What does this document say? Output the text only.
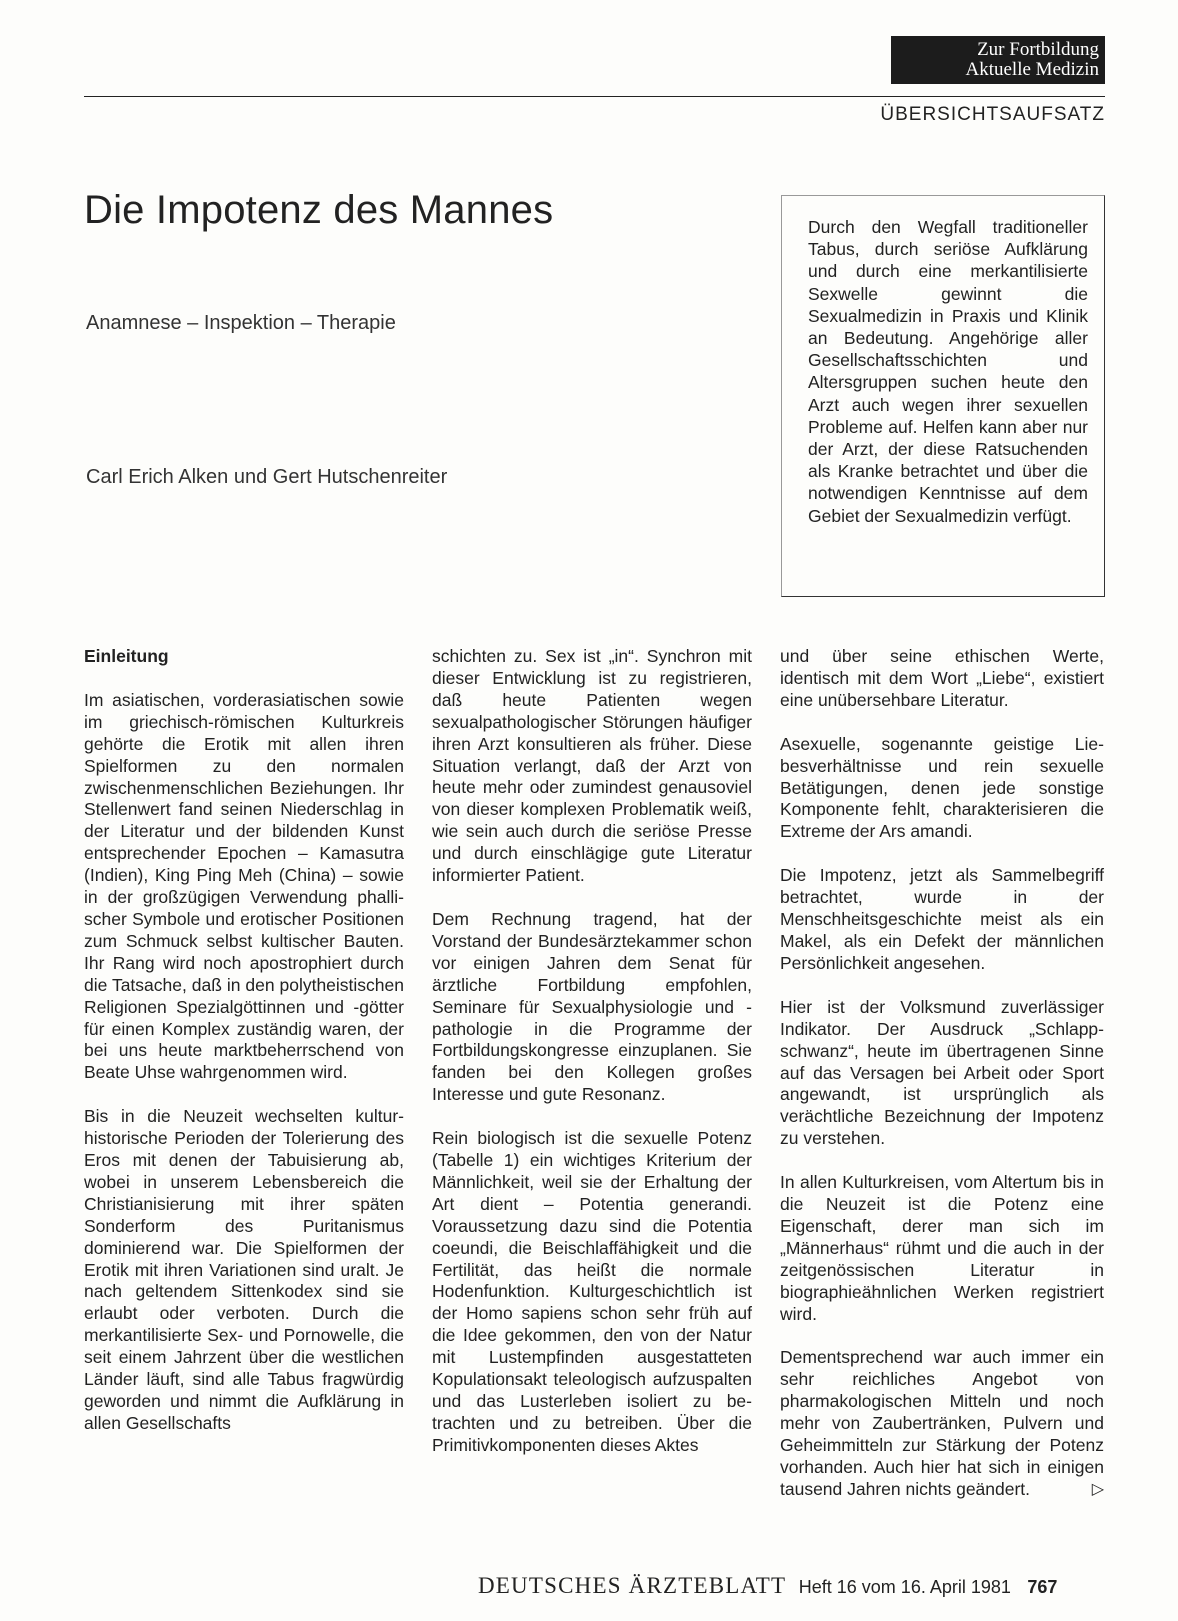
Zur Fortbildung
Aktuelle Medizin
ÜBERSICHTSAUFSATZ
Die Impotenz des Mannes
Anamnese – Inspektion – Therapie
Carl Erich Alken und Gert Hutschenreiter
Durch den Wegfall traditioneller Tabus, durch seriöse Aufklärung und durch eine merkantilisierte Sexwelle gewinnt die Sexualmedizin in Praxis und Klinik an Bedeutung. Angehörige aller Gesellschaftsschichten und Altersgruppen suchen heute den Arzt auch wegen ihrer sexuellen Probleme auf. Helfen kann aber nur der Arzt, der diese Ratsuchenden als Kranke betrachtet und über die notwendigen Kenntnisse auf dem Gebiet der Sexualmedizin verfügt.
Einleitung

Im asiatischen, vorderasiatischen sowie im griechisch-römischen Kulturkreis gehörte die Erotik mit allen ihren Spielformen zu den normalen zwischenmenschlichen Beziehungen. Ihr Stellenwert fand seinen Niederschlag in der Literatur und der bildenden Kunst entsprechender Epochen – Kamasutra (Indien), King Ping Meh (China) – sowie in der großzügigen Verwendung phallischer Symbole und erotischer Positionen zum Schmuck selbst kultischer Bauten. Ihr Rang wird noch apostrophiert durch die Tatsache, daß in den polytheistischen Religionen Spezialgöttinnen und -götter für einen Komplex zuständig waren, der bei uns heute marktbeherrschend von Beate Uhse wahrgenommen wird.

Bis in die Neuzeit wechselten kulturhistorische Perioden der Tolerierung des Eros mit denen der Tabuisierung ab, wobei in unserem Lebensbereich die Christianisierung mit ihrer späten Sonderform des Puritanismus dominierend war. Die Spielformen der Erotik mit ihren Variationen sind uralt. Je nach geltendem Sittenkodex sind sie erlaubt oder verboten. Durch die merkantilisierte Sex- und Pornowelle, die seit einem Jahrzent über die westlichen Länder läuft, sind alle Tabus fragwürdig geworden und nimmt die Aufklärung in allen Gesellschafts

schichten zu. Sex ist „in“. Synchron mit dieser Entwicklung ist zu registrieren, daß heute Patienten wegen sexualpathologischer Störungen häufiger ihren Arzt konsultieren als früher. Diese Situation verlangt, daß der Arzt von heute mehr oder zumindest genausoviel von dieser komplexen Problematik weiß, wie sein auch durch die seriöse Presse und durch einschlägige gute Literatur informierter Patient.

Dem Rechnung tragend, hat der Vorstand der Bundesärztekammer schon vor einigen Jahren dem Senat für ärztliche Fortbildung empfohlen, Seminare für Sexualphysiologie und -pathologie in die Programme der Fortbildungskongresse einzuplanen. Sie fanden bei den Kollegen großes Interesse und gute Resonanz.

Rein biologisch ist die sexuelle Potenz (Tabelle 1) ein wichtiges Kriterium der Männlichkeit, weil sie der Erhaltung der Art dient – Potentia generandi. Voraussetzung dazu sind die Potentia coeundi, die Beischlaffähigkeit und die Fertilität, das heißt die normale Hodenfunktion. Kulturgeschichtlich ist der Homo sapiens schon sehr früh auf die Idee gekommen, den von der Natur mit Lustempfinden ausgestatteten Kopulationsakt teleologisch aufzuspalten und das Lusterleben isoliert zu betrachten und zu betreiben. Über die Primitivkomponenten dieses Aktes

und über seine ethischen Werte, identisch mit dem Wort „Liebe“, existiert eine unübersehbare Literatur.

Asexuelle, sogenannte geistige Liebesverhältnisse und rein sexuelle Betätigungen, denen jede sonstige Komponente fehlt, charakterisieren die Extreme der Ars amandi.

Die Impotenz, jetzt als Sammelbegriff betrachtet, wurde in der Menschheitsgeschichte meist als ein Makel, als ein Defekt der männlichen Persönlichkeit angesehen.

Hier ist der Volksmund zuverlässiger Indikator. Der Ausdruck „Schlappschwanz“, heute im übertragenen Sinne auf das Versagen bei Arbeit oder Sport angewandt, ist ursprünglich als verächtliche Bezeichnung der Impotenz zu verstehen.

In allen Kulturkreisen, vom Altertum bis in die Neuzeit ist die Potenz eine Eigenschaft, derer man sich im „Männerhaus“ rühmt und die auch in der zeitgenössischen Literatur in biographieähnlichen Werken registriert wird.

Dementsprechend war auch immer ein sehr reichliches Angebot von pharmakologischen Mitteln und noch mehr von Zaubertränken, Pulvern und Geheimmitteln zur Stärkung der Potenz vorhanden. Auch hier hat sich in einigen tausend Jahren nichts geändert.	▷

DEUTSCHES ÄRZTEBLATT Heft 16 vom 16. April 1981 767
